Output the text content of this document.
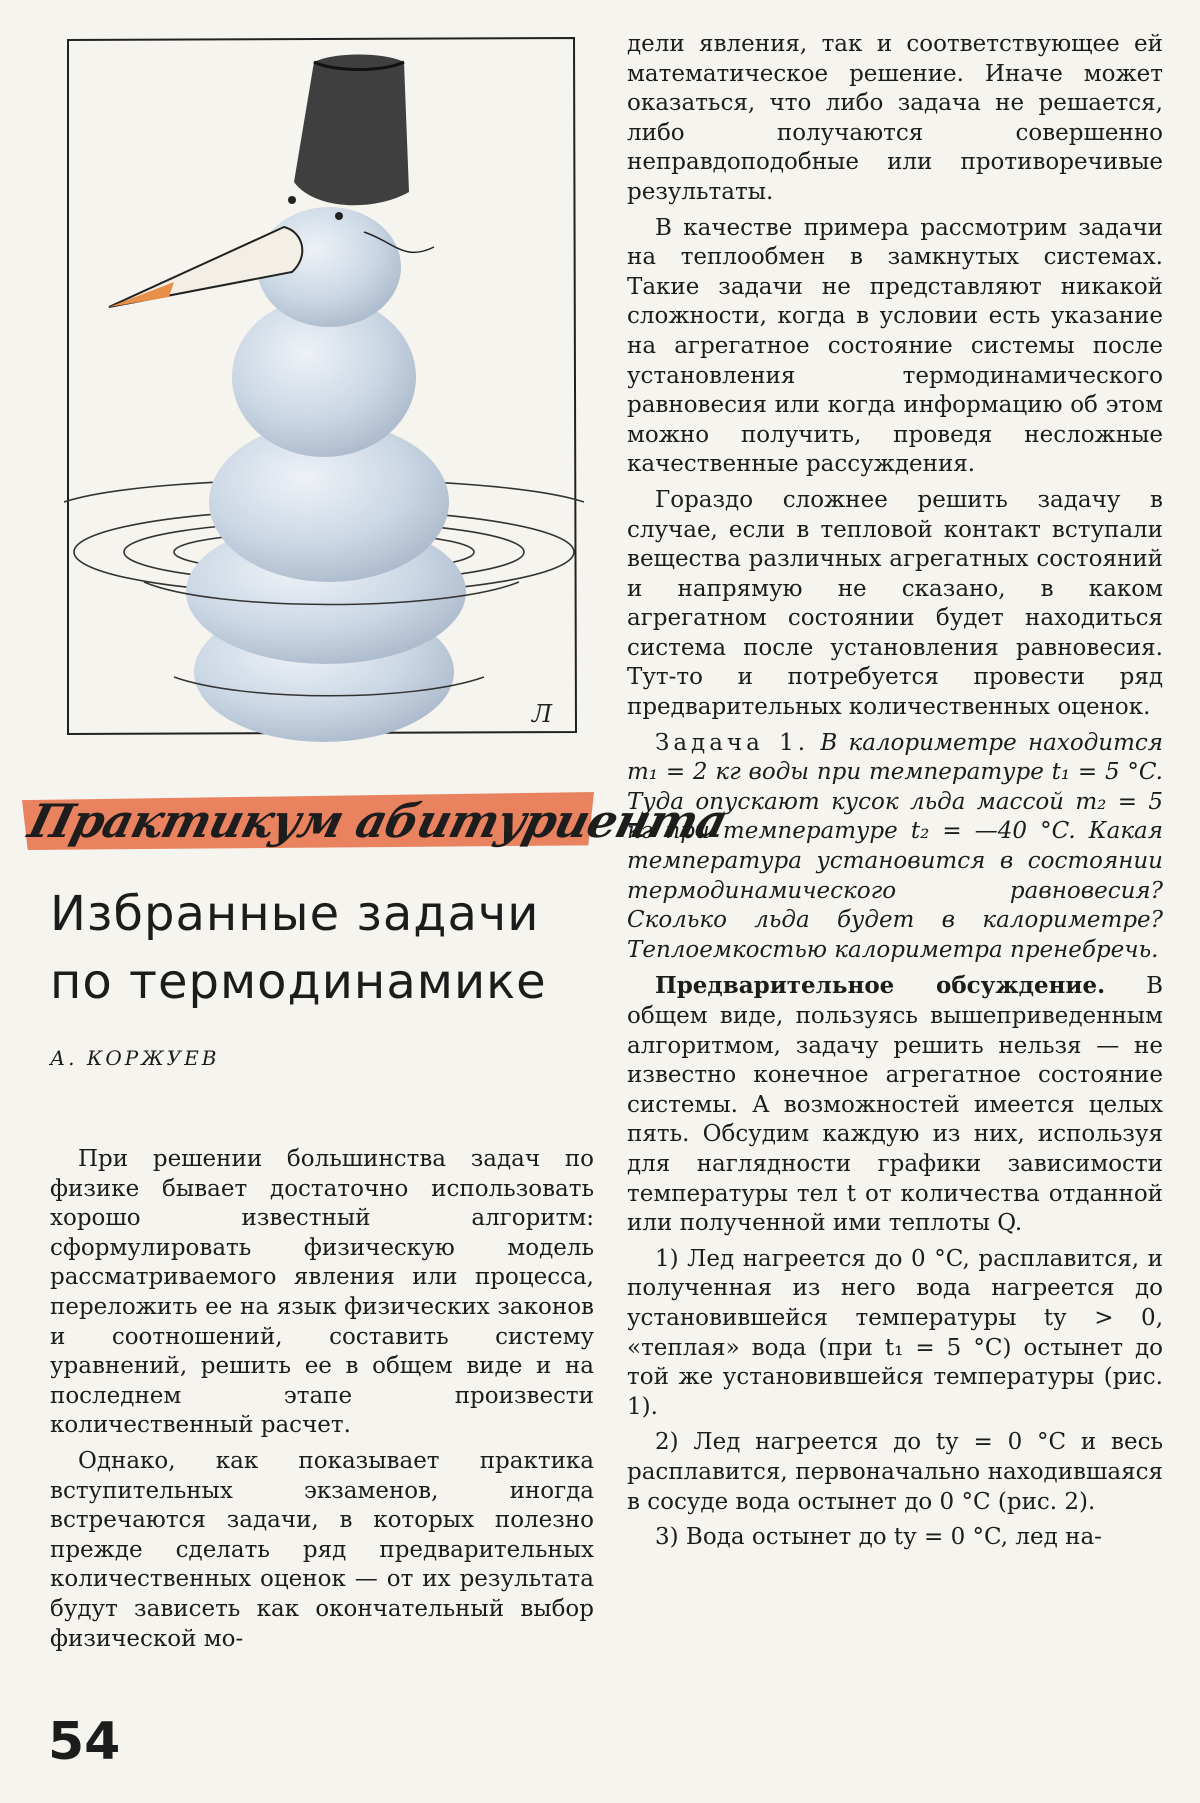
Л
Практикум абитуриента
Избранные задачи
по термодинамике
А. КОРЖУЕВ

При решении большинства задач по физике бывает достаточно использовать хорошо известный алгоритм: сформулировать физическую модель рассматриваемого явления или процесса, переложить ее на язык физических законов и соотношений, составить систему уравнений, решить ее в общем виде и на последнем этапе произвести количественный расчет.

Однако, как показывает практика вступительных экзаменов, иногда встречаются задачи, в которых полезно прежде сделать ряд предварительных количественных оценок — от их результата будут зависеть как окончательный выбор физической мо-

дели явления, так и соответствующее ей математическое решение. Иначе может оказаться, что либо задача не решается, либо получаются совершенно неправдоподобные или противоречивые результаты.

В качестве примера рассмотрим задачи на теплообмен в замкнутых системах. Такие задачи не представляют никакой сложности, когда в условии есть указание на агрегатное состояние системы после установления термодинамического равновесия или когда информацию об этом можно получить, проведя несложные качественные рассуждения.

Гораздо сложнее решить задачу в случае, если в тепловой контакт вступали вещества различных агрегатных состояний и напрямую не сказано, в каком агрегатном состоянии будет находиться система после установления равновесия. Тут-то и потребуется провести ряд предварительных количественных оценок.

Задача 1. В калориметре находится m₁ = 2 кг воды при температуре t₁ = 5 °C. Туда опускают кусок льда массой m₂ = 5 кг при температуре t₂ = —40 °C. Какая температура установится в состоянии термодинамического равновесия? Сколько льда будет в калориметре? Теплоемкостью калориметра пренебречь.

Предварительное обсуждение. В общем виде, пользуясь вышеприведенным алгоритмом, задачу решить нельзя — не известно конечное агрегатное состояние системы. А возможностей имеется целых пять. Обсудим каждую из них, используя для наглядности графики зависимости температуры тел t от количества отданной или полученной ими теплоты Q.

1) Лед нагреется до 0 °C, расплавится, и полученная из него вода нагреется до установившейся температуры tу > 0, «теплая» вода (при t₁ = 5 °C) остынет до той же установившейся температуры (рис. 1).

2) Лед нагреется до tу = 0 °C и весь расплавится, первоначально находившаяся в сосуде вода остынет до 0 °C (рис. 2).

3) Вода остынет до tу = 0 °C, лед на-

54
